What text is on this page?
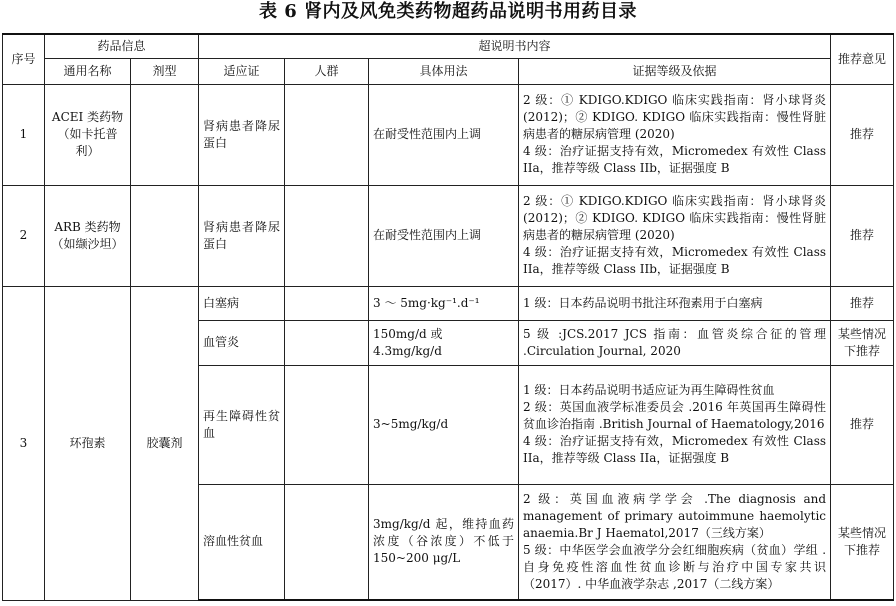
表 6 肾内及风免类药物超药品说明书用药目录
序号	药品信息		超说明书内容				推荐意见
	通用名称	剂型	适应证	人群	具体用法	证据等级及依据	
1	ACEI 类药物（如卡托普利）		肾病患者降尿蛋白		在耐受性范围内上调	2 级：① KDIGO.KDIGO 临床实践指南：肾小球肾炎 (2012)；② KDIGO. KDIGO 临床实践指南：慢性肾脏病患者的糖尿病管理 (2020)
4 级：治疗证据支持有效，Micromedex 有效性 Class IIa，推荐等级 Class IIb，证据强度 B	推荐
2	ARB 类药物（如缬沙坦）		肾病患者降尿蛋白		在耐受性范围内上调	2 级：① KDIGO.KDIGO 临床实践指南：肾小球肾炎 (2012)；② KDIGO. KDIGO 临床实践指南：慢性肾脏病患者的糖尿病管理 (2020)
4 级：治疗证据支持有效，Micromedex 有效性 Class IIa，推荐等级 Class IIb，证据强度 B	推荐
3	环孢素	胶囊剂	白塞病		3 ～ 5mg·kg⁻¹.d⁻¹	1 级：日本药品说明书批注环孢素用于白塞病	推荐
			血管炎		150mg/d 或 4.3mg/kg/d	5 级 :JCS.2017 JCS 指南：血管炎综合征的管理 .Circulation Journal, 2020	某些情况下推荐
			再生障碍性贫血		3~5mg/kg/d	1 级：日本药品说明书适应证为再生障碍性贫血
2 级：英国血液学标准委员会 .2016 年英国再生障碍性贫血诊治指南 .British Journal of Haematology,2016
4 级：治疗证据支持有效，Micromedex 有效性 Class IIa，推荐等级 Class IIa，证据强度 B	推荐
			溶血性贫血		3mg/kg/d 起，维持血药浓度（谷浓度）不低于 150~200 μg/L	2 级：英国血液病学学会 .The diagnosis and management of primary autoimmune haemolytic anaemia.Br J Haematol,2017（三线方案）
5 级：中华医学会血液学分会红细胞疾病（贫血）学组 . 自身免疫性溶血性贫血诊断与治疗中国专家共识（2017）. 中华血液学杂志 ,2017（二线方案）	某些情况下推荐
